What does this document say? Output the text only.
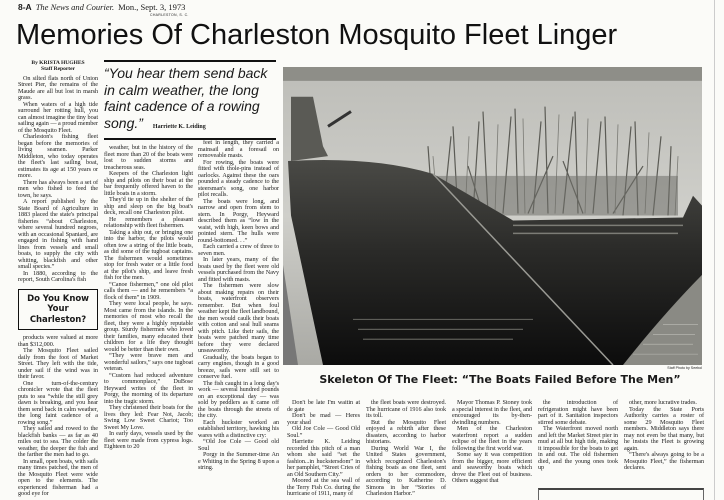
8-A The News and Courier. Mon., Sept. 3, 1973
CHARLESTON, S. C.
Memories Of Charleston Mosquito Fleet Linger
By KRISTA HUGHES
Staff Reporter

On silted flats north of Union Street Pier, the remains of the Maude are all but lost in marsh grass.

When waters of a high tide surround her rotting hull, you can almost imagine the tiny boat sailing again — a proud member of the Mosquito Fleet.

Charleston's fishing fleet began before the memories of living seamen. Parker Middleton, who today operates the fleet's last sailing boat, estimates its age at 150 years or more.

There has always been a set of men who fished to feed the town, he says.

A report published by the State Board of Agriculture in 1883 placed the state's principal fisheries “about Charleston, where several hundred negroes, with an occasional Spaniard, are engaged in fishing with hand lines from vessels and small boats, to supply the city with whiting, blackfish and other small species.”

In 1880, according to the report, South Carolina's fish

Do You Know Your Charleston?

products were valued at more than $312,000.

The Mosquito Fleet sailed daily from the foot of Market Street. They left with the tide, under sail if the wind was in their favor.

One turn-of-the-century chronicler wrote that the fleet puts to sea “while the still grey dawn is breaking, and you hear them send back in calm weather, the long faint cadence of a rowing song.”

They sailed and rowed to the blackfish banks — as far as 40 miles out to sea. The colder the weather, the deeper the fish and the farther the men had to go.

In small, open boats, with sails many times patched, the men of the Mosquito Fleet were wide open to the elements. The experienced fisherman had a good eye for

“You hear them send back in calm weather, the long faint cadence of a rowing song.” Harriette K. Leiding

weather, but in the history of the fleet more than 20 of the boats were lost to sudden storms and treacherous seas.

Keepers of the Charleston light ship and pilots on their boat at the bar frequently offered haven to the little boats in a storm.

They'd tie up in the shelter of the ship and sleep on the big boat's deck, recall one Charleston pilot.

He remembers a pleasant relationship with fleet fishermen.

Taking a ship out, or bringing one into the harbor, the pilots would often tow a string of the little boats, as did some of the tugboat captains. The fishermen would sometimes stop for fresh water or a little food at the pilot's ship, and leave fresh fish for the men.

“Canoe fishermen,” one old pilot calls them — and he remembers “a flock of them” in 1909.

They were local people, he says. Most came from the islands. In the memories of most who recall the fleet, they were a highly reputable group. Sturdy fishermen who loved their families, many educated their children for a life they thought would be better than their own.

“They were brave men and wonderful sailors,” says one tugboat veteran.

“Custom had reduced adventure to commonplace,” DuBose Heyward writes of the fleet in Porgy, the morning of its departure into the tragic storm.

They christened their boats for the lives they led: Fear Not, Jacob; Swing Low Sweet Chariot; Too Sweet My Love.

In early days, vessels used by the fleet were made from cypress logs. Eighteen to 20

feet in length, they carried a mainsail and a foresail on removeable masts.

For rowing, the boats were fitted with thole-pins instead of oarlocks. Against these the oars pounded a steady cadence to the steersman's song, one harbor pilot recalls.

The boats were long, and narrow and open from stem to stern. In Porgy, Heyward described them as “low in the waist, with high, keen bows and pointed stern. The hulls were round-bottomed. . .”

Each carried a crew of three to seven men.

In later years, many of the boats used by the fleet were old vessels purchased from the Navy and fitted with masts.

The fishermen were slow about making repairs on their boats, waterfront observers remember. But when foul weather kept the fleet landbound, the men would caulk their boats with cotton and seal hull seams with pitch. Like their sails, the boats were patched many time before they were declared unseaworthy.

Gradually, the boats began to carry engines, though in a good breeze, sails were still set to conserve fuel.

The fish caught in a long day's work — several hundred pounds on an exceptional day — was sold by peddlers as it came off the boats through the streets of the city.

Each huckster worked an established territory, hawking his wares with a distinctive cry:

“Old Joe Cole — Good old Soul

Porgy in the Summer-time An e Whiting in the Spring 8 upon a string.

Staff Photo by Seebol
Skeleton Of The Fleet: “The Boats Failed Before The Men”

Don't be late I'm waitin at de gate

Don't be mad — Heres your shad

Old Joe Cole — Good Old Soul.”

Harriette K. Leiding recorded this pitch of a man whom she said “set the fashion...in huckstersdom” in her pamphlet, “Street Cries of an Old Southern City.”

Moored at the sea wall of the Terry Fish Co. during the hurricane of 1911, many of

the fleet boats were destroyed. The hurricane of 1916 also took its toll.

But the Mosquito Fleet enjoyed a rebirth after these disasters, according to harbor historians.

During World War I, the United States government, which recognized Charleston's fishing boats as one fleet, sent orders to her commodore, according to Katherine D. Simons in her “Stories of Charleston Harbor.”

Mayor Thomas P. Stoney took a special interest in the fleet, and encouraged its by-then-dwindling numbers.

Men of the Charleston waterfront report a sudden eclipse of the fleet in the years following the first world war.

Some say it was competition from the bigger, more efficient and seaworthy boats which drove the Fleet out of business. Others suggest that

the introduction of refrigeration might have been part of it. Sanitation inspectors stirred some debate.

The Waterfront moved north and left the Market Street pier in mud at all but high tide, making it impossible for the boats to get in and out. The old fishermen died, and the young ones took up

other, more lucrative trades.

Today the State Ports Authority carries a roster of some 29 Mosquito Fleet members. Middleton says there may not even be that many, but he insists the Fleet is growing again.

“There's always going to be a Mosquito Fleet,” the fisherman declares.
